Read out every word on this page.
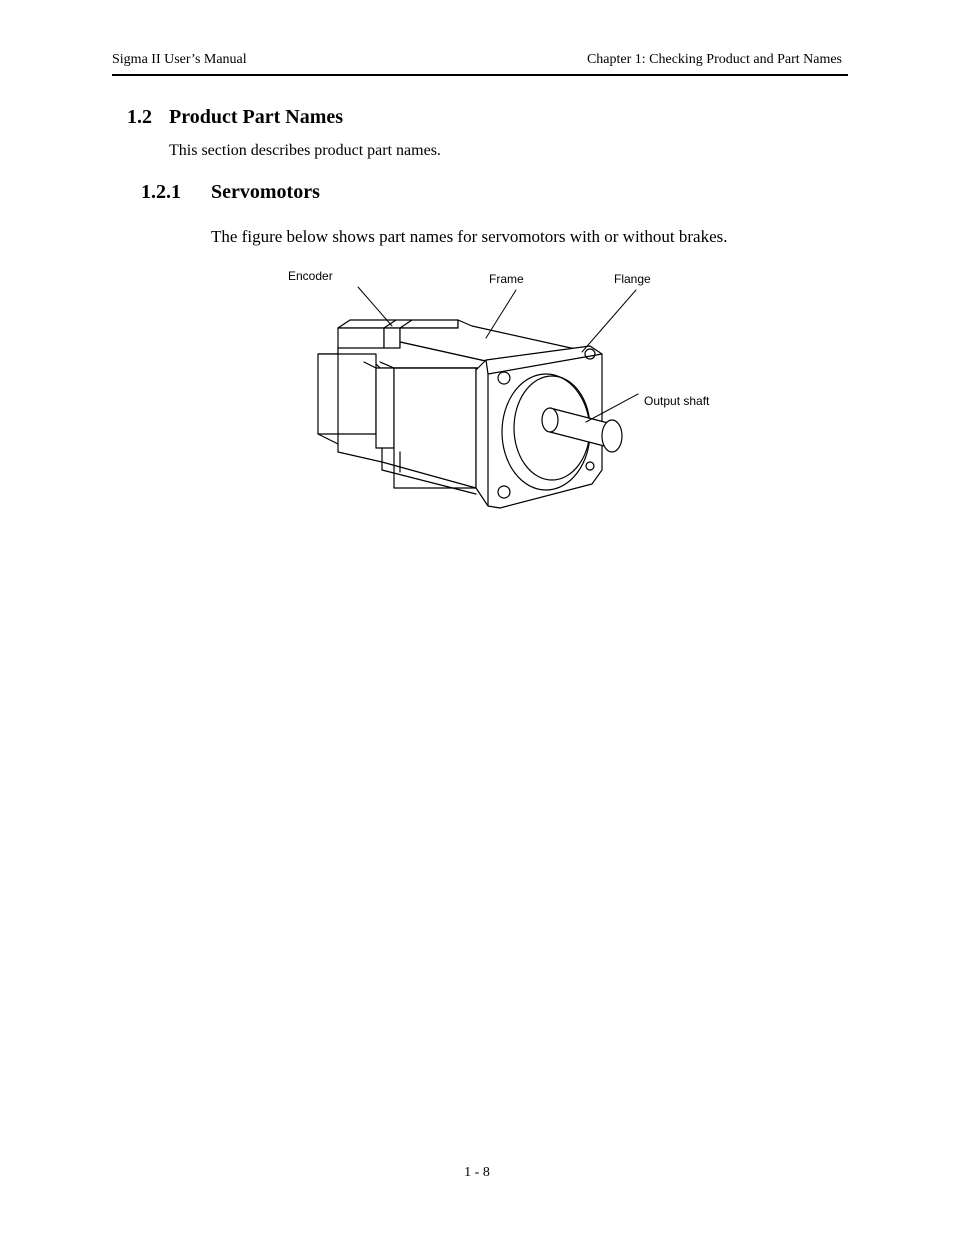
Sigma II User’s Manual	Chapter 1: Checking Product and Part Names
1.2 Product Part Names
This section describes product part names.
1.2.1 Servomotors
The figure below shows part names for servomotors with or without brakes.
Encoder	Frame	Flange
Output shaft
1 - 8
